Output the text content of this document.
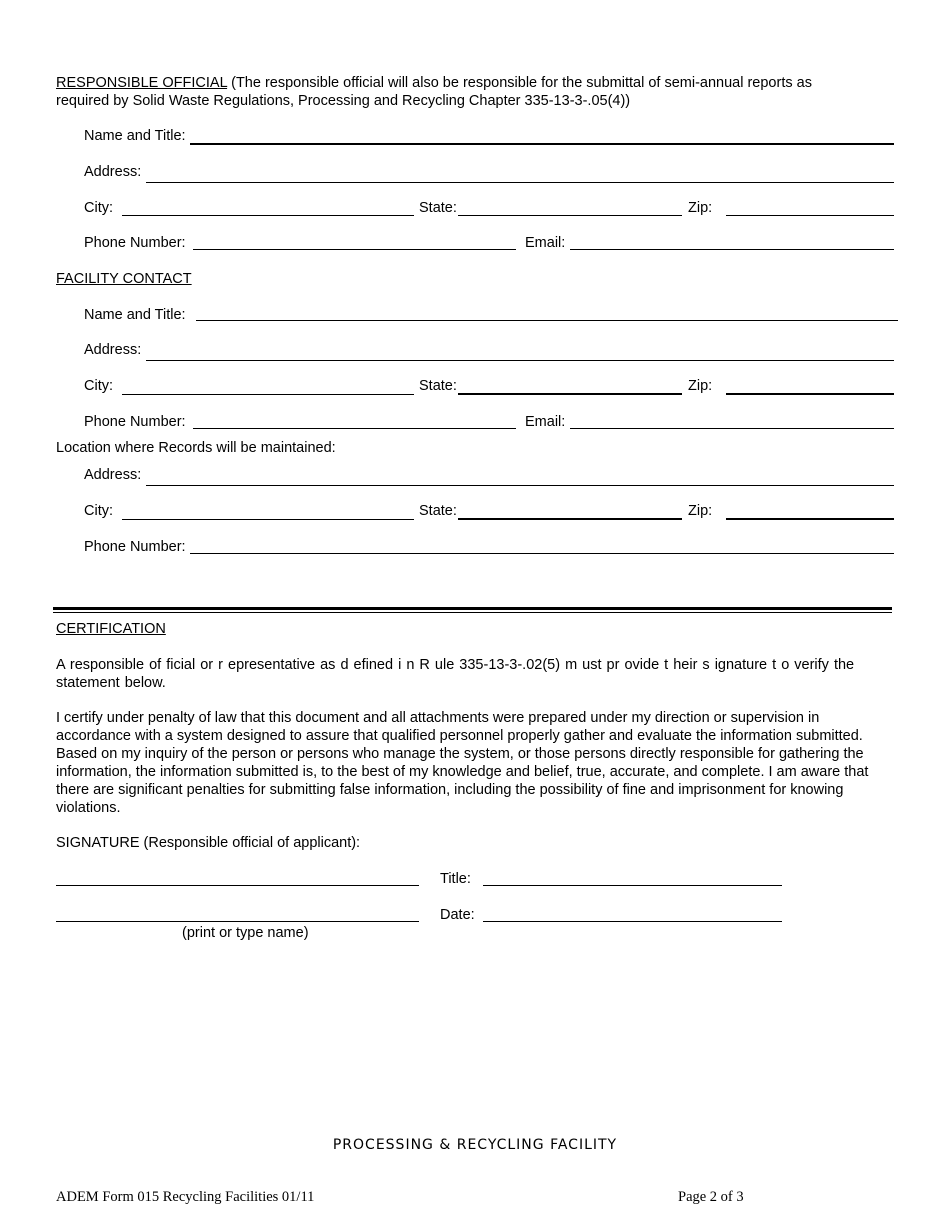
RESPONSIBLE OFFICIAL (The responsible official will also be responsible for the submittal of semi-annual reports as
required by Solid Waste Regulations, Processing and Recycling Chapter 335-13-3-.05(4))
Name and Title:
Address:
City:	State:	Zip:
Phone Number:	Email:
FACILITY CONTACT
Name and Title:
Address:
City:	State:	Zip:
Phone Number:	Email:
Location where Records will be maintained:
Address:
City:	State:	Zip:
Phone Number:
CERTIFICATION
A responsible of ficial or r epresentative as d efined i n R ule 335-13-3-.02(5) m ust pr ovide t heir s ignature t o verify the statement below.
I certify under penalty of law that this document and all attachments were prepared under my direction or supervision in accordance with a system designed to assure that qualified personnel properly gather and evaluate the information submitted. Based on my inquiry of the person or persons who manage the system, or those persons directly responsible for gathering the information, the information submitted is, to the best of my knowledge and belief, true, accurate, and complete. I am aware that there are significant penalties for submitting false information, including the possibility of fine and imprisonment for knowing violations.
SIGNATURE (Responsible official of applicant):
Title:
Date:
(print or type name)
PROCESSING & RECYCLING FACILITY
ADEM Form 015 Recycling Facilities 01/11	Page 2 of 3
